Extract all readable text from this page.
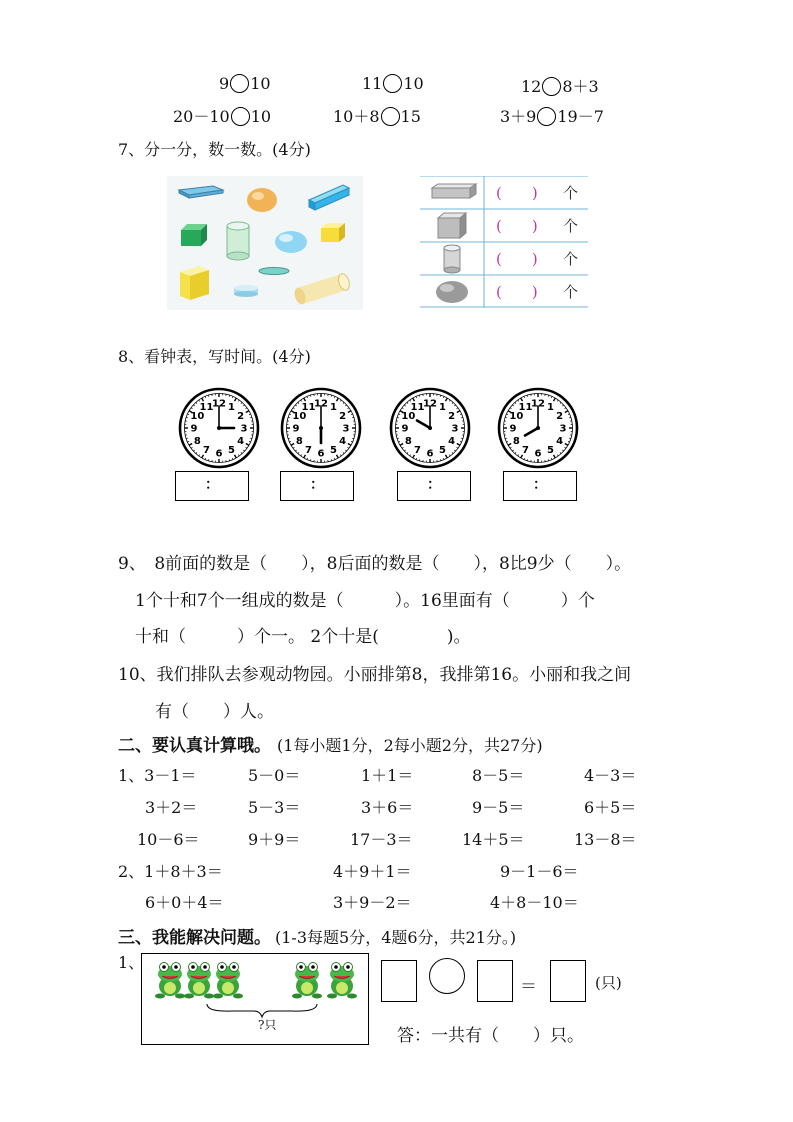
9 10	11 10	12 8＋3
20－10 10	10＋8 15	3＋9 19－7
7、分一分，数一数。(4分)
(　　) 个
(　　) 个
(　　) 个
(　　) 个
8、看钟表，写时间。(4分)
1
2
3
4
5
6
7
8
9
10
11
12	1
2
3
4
5
6
7
8
9
10
11
12	1
2
3
4
5
6
7
8
9
10
11
12	1
2
3
4
5
6
7
8
9
10
11
12
：	：	：	：
9、　8前面的数是（　　），8后面的数是（　　），8比9少（　　）。
1个十和7个一组成的数是（　　　）。16里面有（　　　）个
十和（　　　）个一。 2个十是(　　　　)。
10、我们排队去参观动物园。小丽排第8，我排第16。小丽和我之间
有（　　）人。
二、要认真计算哦。 (1每小题1分，2每小题2分，共27分)
1、3－1＝	5－0＝	1＋1＝	8－5＝	4－3＝
3＋2＝	5－3＝	3＋6＝	9－5＝	6＋5＝
10－6＝	9＋9＝	17－3＝	14＋5＝	13－8＝
2、1＋8＋3＝	4＋9＋1＝	9－1－6＝
6＋0＋4＝	3＋9－2＝	4＋8－10＝
三、我能解决问题。 (1-3每题5分，4题6分，共21分。)
1、
?只
＝	(只)
答：一共有（　　）只。
